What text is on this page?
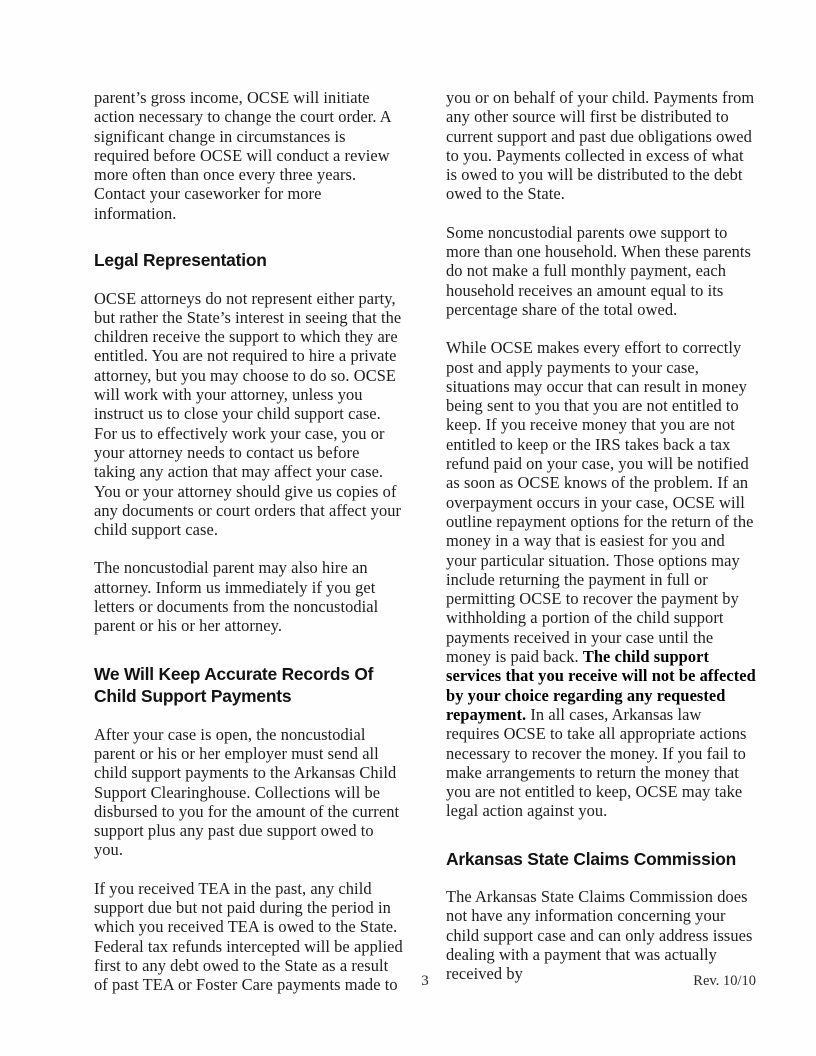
parent’s gross income, OCSE will initiate action necessary to change the court order. A significant change in circumstances is required before OCSE will conduct a review more often than once every three years. Contact your caseworker for more information.

Legal Representation

OCSE attorneys do not represent either party, but rather the State’s interest in seeing that the children receive the support to which they are entitled. You are not required to hire a private attorney, but you may choose to do so. OCSE will work with your attorney, unless you instruct us to close your child support case. For us to effectively work your case, you or your attorney needs to contact us before taking any action that may affect your case. You or your attorney should give us copies of any documents or court orders that affect your child support case.

The noncustodial parent may also hire an attorney. Inform us immediately if you get letters or documents from the noncustodial parent or his or her attorney.

We Will Keep Accurate Records Of Child Support Payments

After your case is open, the noncustodial parent or his or her employer must send all child support payments to the Arkansas Child Support Clearinghouse. Collections will be disbursed to you for the amount of the current support plus any past due support owed to you.

If you received TEA in the past, any child support due but not paid during the period in which you received TEA is owed to the State. Federal tax refunds intercepted will be applied first to any debt owed to the State as a result of past TEA or Foster Care payments made to

you or on behalf of your child. Payments from any other source will first be distributed to current support and past due obligations owed to you. Payments collected in excess of what is owed to you will be distributed to the debt owed to the State.

Some noncustodial parents owe support to more than one household. When these parents do not make a full monthly payment, each household receives an amount equal to its percentage share of the total owed.

While OCSE makes every effort to correctly post and apply payments to your case, situations may occur that can result in money being sent to you that you are not entitled to keep. If you receive money that you are not entitled to keep or the IRS takes back a tax refund paid on your case, you will be notified as soon as OCSE knows of the problem. If an overpayment occurs in your case, OCSE will outline repayment options for the return of the money in a way that is easiest for you and your particular situation. Those options may include returning the payment in full or permitting OCSE to recover the payment by withholding a portion of the child support payments received in your case until the money is paid back. The child support services that you receive will not be affected by your choice regarding any requested repayment. In all cases, Arkansas law requires OCSE to take all appropriate actions necessary to recover the money. If you fail to make arrangements to return the money that you are not entitled to keep, OCSE may take legal action against you.

Arkansas State Claims Commission

The Arkansas State Claims Commission does not have any information concerning your child support case and can only address issues dealing with a payment that was actually received by

3	Rev. 10/10
